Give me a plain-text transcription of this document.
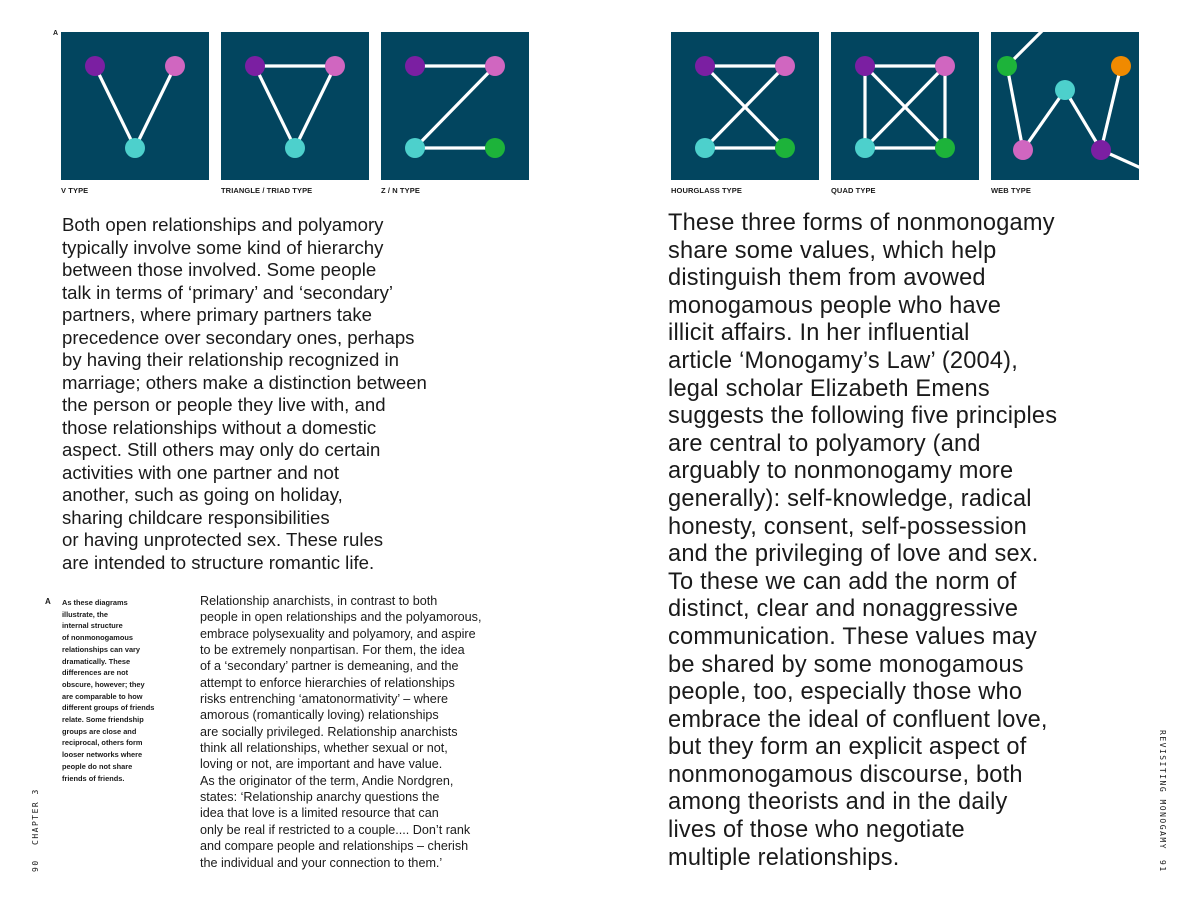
A
V TYPE	TRIANGLE / TRIAD TYPE	Z / N TYPE	HOURGLASS TYPE	QUAD TYPE	WEB TYPE
Both open relationships and polyamory
typically involve some kind of hierarchy
between those involved. Some people
talk in terms of ‘primary’ and ‘secondary’
partners, where primary partners take
precedence over secondary ones, perhaps
by having their relationship recognized in
marriage; others make a distinction between
the person or people they live with, and
those relationships without a domestic
aspect. Still others may only do certain
activities with one partner and not
another, such as going on holiday,
sharing childcare responsibilities
or having unprotected sex. These rules
are intended to structure romantic life.
A As these diagrams
illustrate, the
internal structure
of nonmonogamous
relationships can vary
dramatically. These
differences are not
obscure, however; they
are comparable to how
different groups of friends
relate. Some friendship
groups are close and
reciprocal, others form
looser networks where
people do not share
friends of friends.
Relationship anarchists, in contrast to both
people in open relationships and the polyamorous,
embrace polysexuality and polyamory, and aspire
to be extremely nonpartisan. For them, the idea
of a ‘secondary’ partner is demeaning, and the
attempt to enforce hierarchies of relationships
risks entrenching ‘amatonormativity’ – where
amorous (romantically loving) relationships
are socially privileged. Relationship anarchists
think all relationships, whether sexual or not,
loving or not, are important and have value.
As the originator of the term, Andie Nordgren,
states: ‘Relationship anarchy questions the
idea that love is a limited resource that can
only be real if restricted to a couple.... Don’t rank
and compare people and relationships – cherish
the individual and your connection to them.’
These three forms of nonmonogamy
share some values, which help
distinguish them from avowed
monogamous people who have
illicit affairs. In her influential
article ‘Monogamy’s Law’ (2004),
legal scholar Elizabeth Emens
suggests the following five principles
are central to polyamory (and
arguably to nonmonogamy more
generally): self-knowledge, radical
honesty, consent, self-possession
and the privileging of love and sex.
To these we can add the norm of
distinct, clear and nonaggressive
communication. These values may
be shared by some monogamous
people, too, especially those who
embrace the ideal of confluent love,
but they form an explicit aspect of
nonmonogamous discourse, both
among theorists and in the daily
lives of those who negotiate
multiple relationships.
CHAPTER 3
90
REVISITING MONOGAMY
91
